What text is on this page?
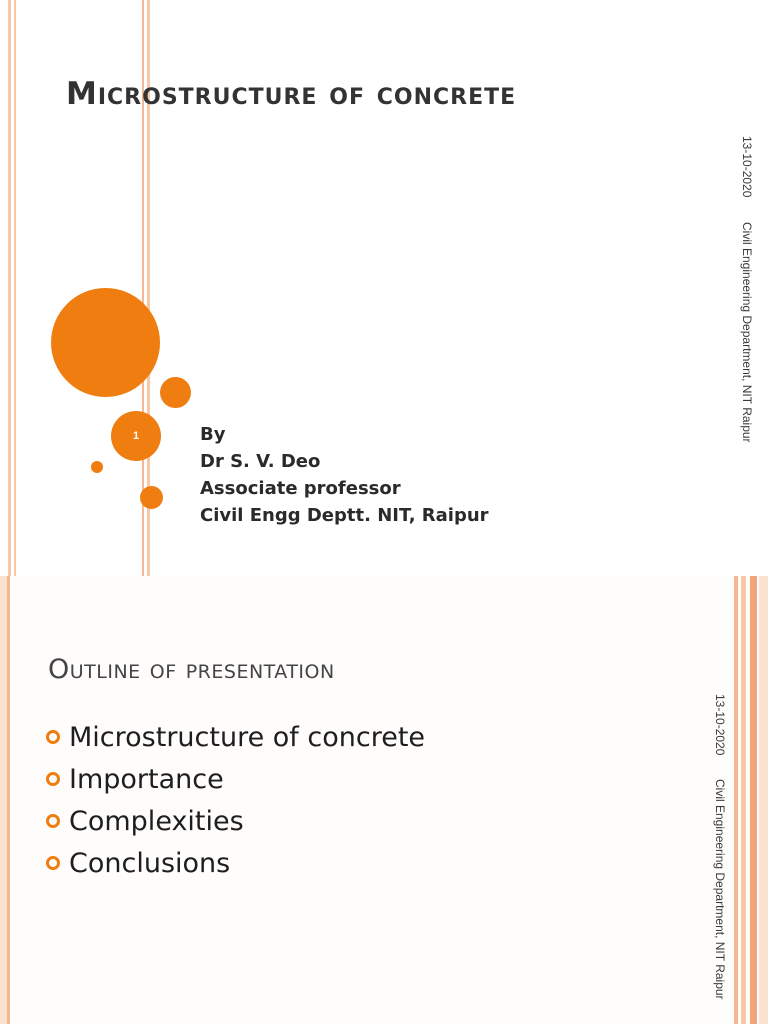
Microstructure of concrete
1	By
Dr S. V. Deo
Associate professor
Civil Engg Deptt. NIT, Raipur
13-10-2020
Civil Engineering Department, NIT Raipur
Outline of presentation
Microstructure of concrete
Importance
Complexities
Conclusions
13-10-2020
Civil Engineering Department, NIT Raipur
